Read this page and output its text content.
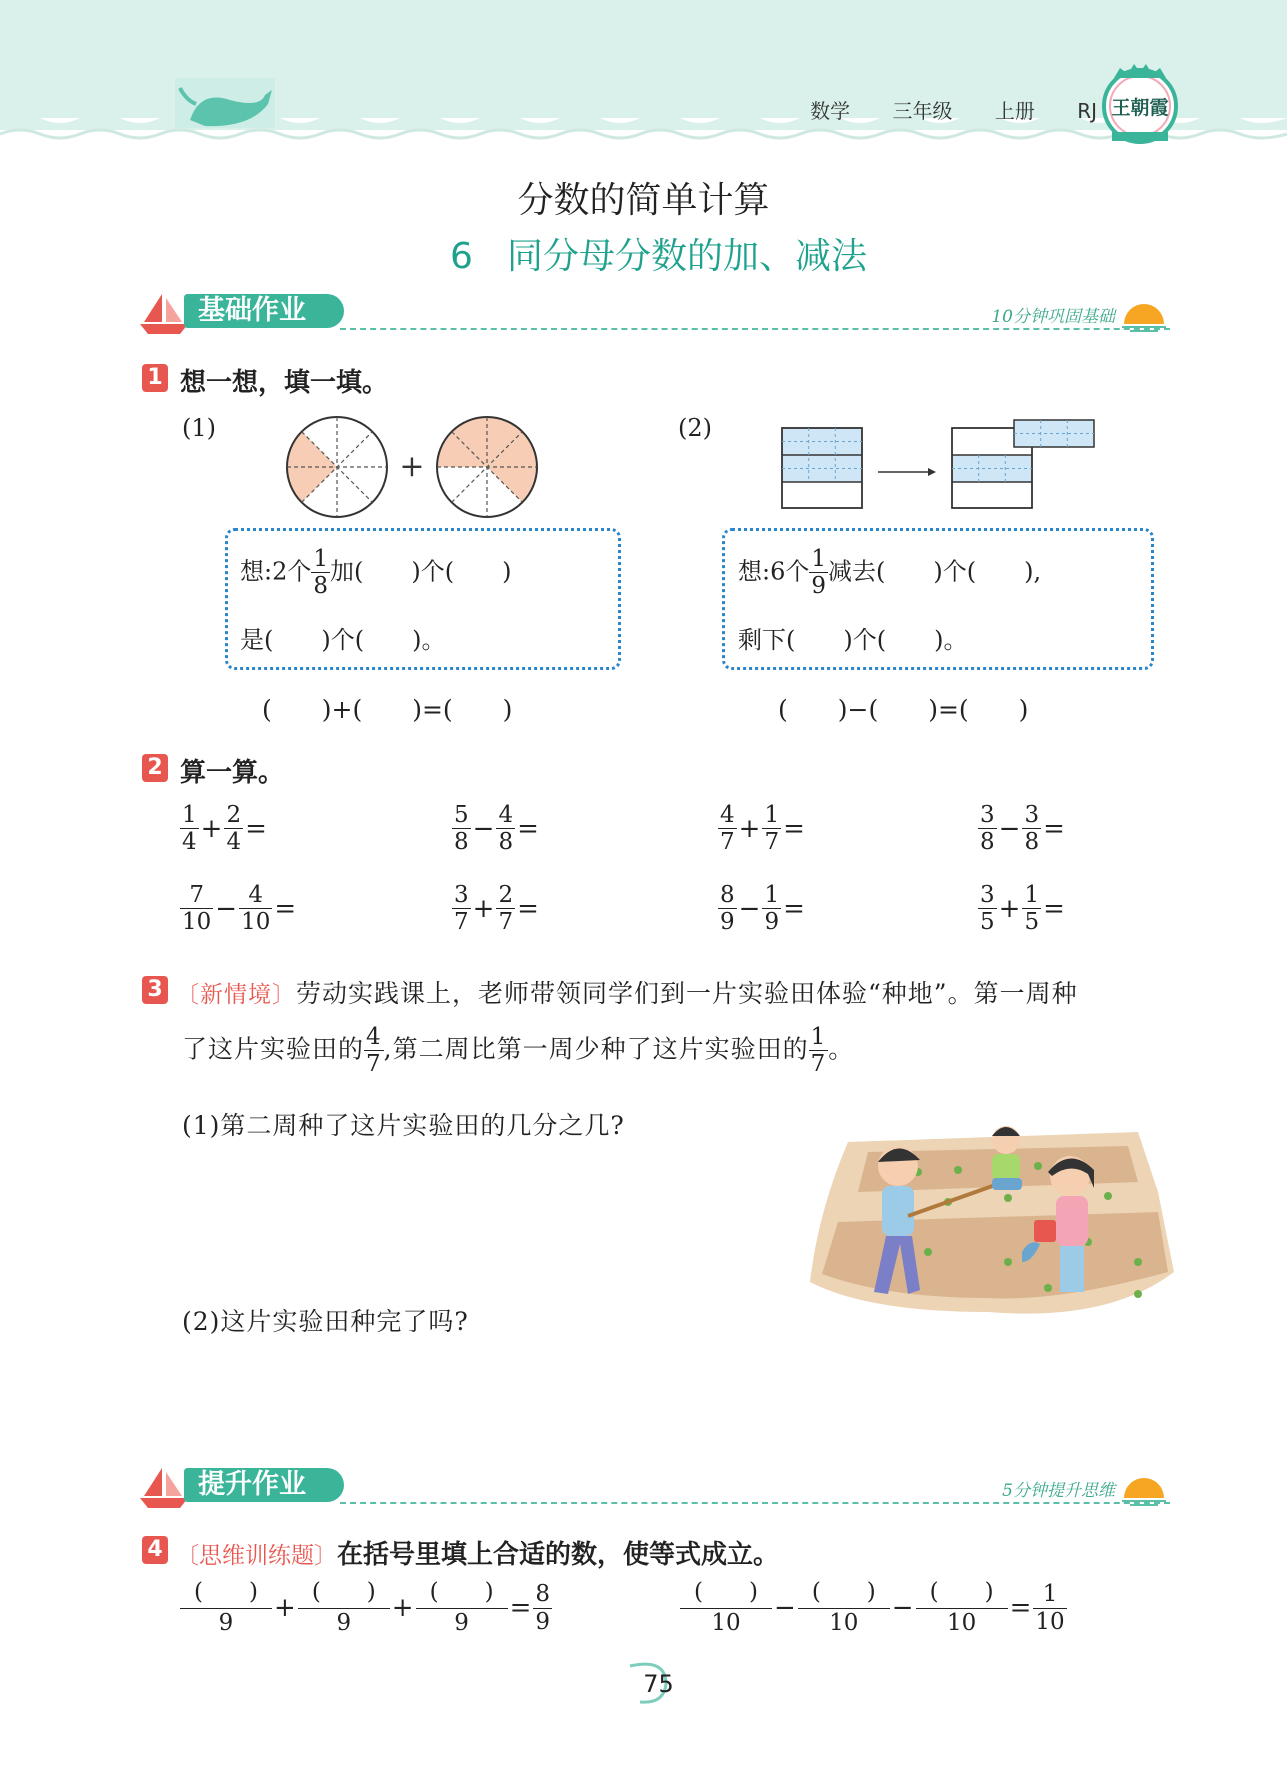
数学 三年级 上册 RJ 王朝霞
分数的简单计算
6 同分母分数的加、减法
基础作业	10分钟巩固基础
1 想一想，填一填。
(1)	(2)
+
想:2个 $\frac{1}{8}$ 加(　　)个(　　)
是(　　)个(　　)。
想:6个 $\frac{1}{9}$ 减去(　　)个(　　),
剩下(　　)个(　　)。
(　　)+(　　)=(　　)	(　　)−(　　)=(　　)
2 算一算。
$\frac{1}{4} + \frac{2}{4}$ =	$\frac{5}{8} - \frac{4}{8}$ =	$\frac{4}{7} + \frac{1}{7}$ =	$\frac{3}{8} - \frac{3}{8}$ =
$\frac{7}{10} - \frac{4}{10}$ =	$\frac{3}{7} + \frac{2}{7}$ =	$\frac{8}{9} - \frac{1}{9}$ =	$\frac{3}{5} + \frac{1}{5}$ =
3 〔新情境〕劳动实践课上，老师带领同学们到一片实验田体验“种地”。第一周种
了这片实验田的 $\frac{4}{7}$ ,第二周比第一周少种了这片实验田的 $\frac{1}{7}$ 。
(1)第二周种了这片实验田的几分之几?
(2)这片实验田种完了吗?
提升作业	5分钟提升思维
4 〔思维训练题〕在括号里填上合适的数，使等式成立。
(　　)
9	+
(　　)
9	+
(　　)
9	= $\frac{8}{9}$	(　　)
10	−
(　　)
10	−
(　　)
10	= $\frac{1}{10}$
75
